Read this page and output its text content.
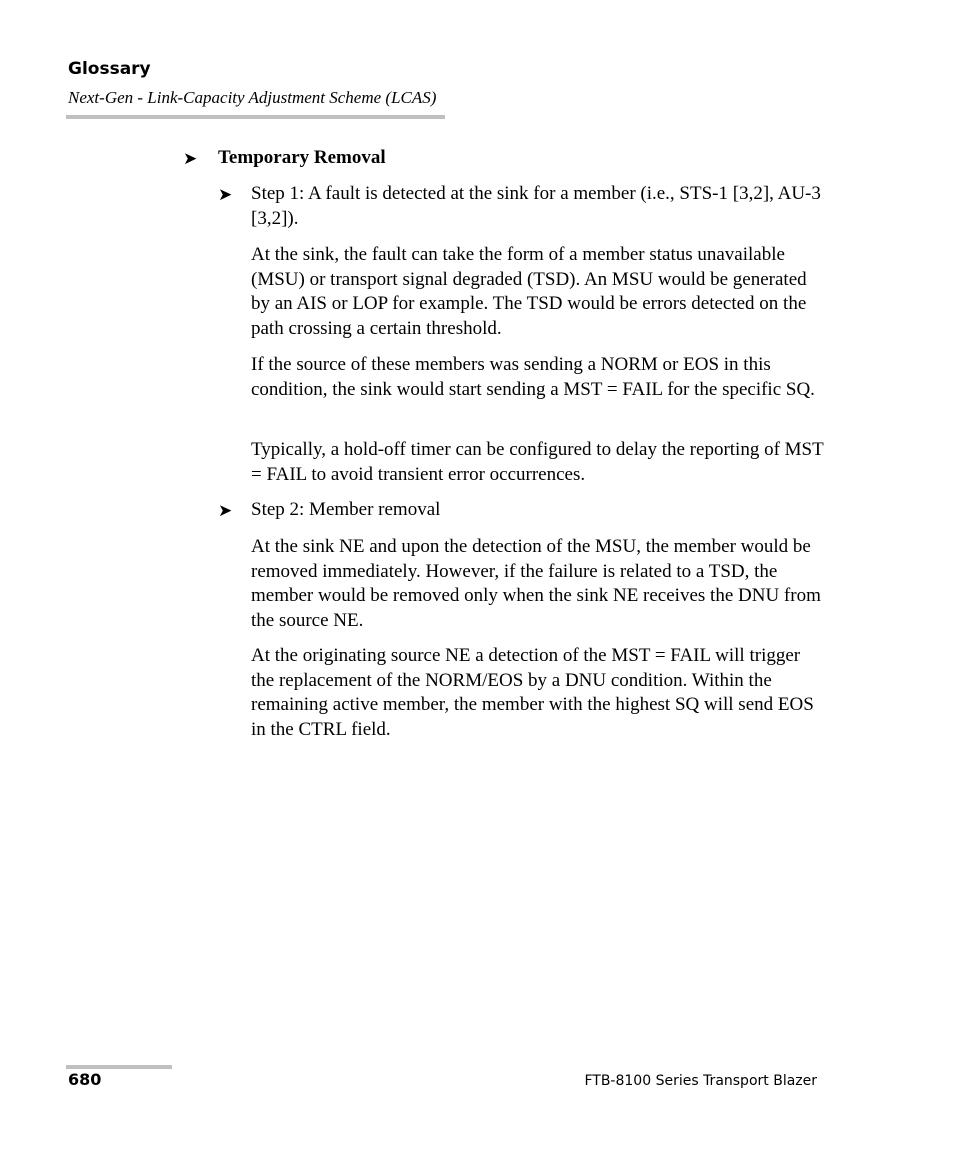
Glossary
Next-Gen - Link-Capacity Adjustment Scheme (LCAS)
➤ Temporary Removal

➤ Step 1: A fault is detected at the sink for a member (i.e., STS-1 [3,2], AU-3 [3,2]).

At the sink, the fault can take the form of a member status unavailable (MSU) or transport signal degraded (TSD). An MSU would be generated by an AIS or LOP for example. The TSD would be errors detected on the path crossing a certain threshold.

If the source of these members was sending a NORM or EOS in this condition, the sink would start sending a MST = FAIL for the specific SQ.

Typically, a hold-off timer can be configured to delay the reporting of MST = FAIL to avoid transient error occurrences.

➤ Step 2: Member removal

At the sink NE and upon the detection of the MSU, the member would be removed immediately. However, if the failure is related to a TSD, the member would be removed only when the sink NE receives the DNU from the source NE.

At the originating source NE a detection of the MST = FAIL will trigger the replacement of the NORM/EOS by a DNU condition. Within the remaining active member, the member with the highest SQ will send EOS in the CTRL field.

680	FTB-8100 Series Transport Blazer
